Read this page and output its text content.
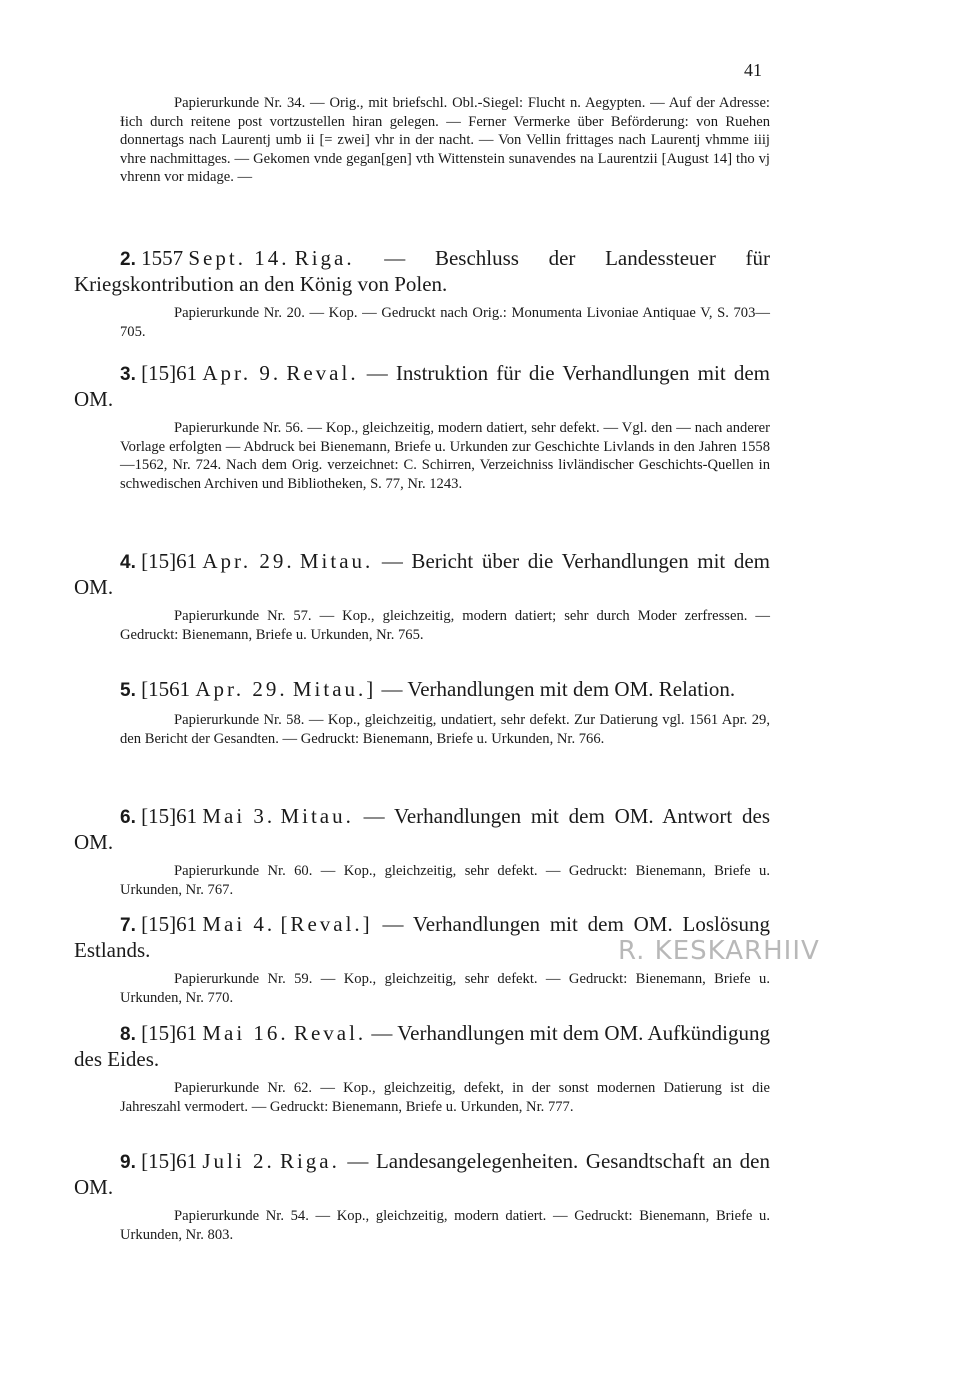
41

Papierurkunde Nr. 34. — Orig., mit briefschl. Obl.-Siegel: Flucht n. Aegypten. — Auf der Adresse: Ɨich durch reitene post vortzustellen hiran gelegen. — Ferner Vermerke über Beförderung: von Ruehen donnertags nach Laurentj umb ii [= zwei] vhr in der nacht. — Von Vellin frittages nach Laurentj vhmme iiij vhre nachmittages. — Gekomen vnde gegan[gen] vth Wittenstein sunavendes na Laurentzii [August 14] tho vj vhrenn vor midage. —

2. 1557 Sept. 14. Riga. — Beschluss der Landessteuer für Kriegskontribution an den König von Polen.

Papierurkunde Nr. 20. — Kop. — Gedruckt nach Orig.: Monumenta Livoniae Antiquae V, S. 703—705.

3. [15]61 Apr. 9. Reval. — Instruktion für die Verhandlungen mit dem OM.

Papierurkunde Nr. 56. — Kop., gleichzeitig, modern datiert, sehr defekt. — Vgl. den — nach anderer Vorlage erfolgten — Abdruck bei Bienemann, Briefe u. Urkunden zur Geschichte Livlands in den Jahren 1558—1562, Nr. 724. Nach dem Orig. verzeichnet: C. Schirren, Verzeichniss livländischer Geschichts-Quellen in schwedischen Archiven und Bibliotheken, S. 77, Nr. 1243.

4. [15]61 Apr. 29. Mitau. — Bericht über die Verhandlungen mit dem OM.

Papierurkunde Nr. 57. — Kop., gleichzeitig, modern datiert; sehr durch Moder zerfressen. — Gedruckt: Bienemann, Briefe u. Urkunden, Nr. 765.

5. [1561 Apr. 29. Mitau.] — Verhandlungen mit dem OM. Relation.

Papierurkunde Nr. 58. — Kop., gleichzeitig, undatiert, sehr defekt. Zur Datierung vgl. 1561 Apr. 29, den Bericht der Gesandten. — Gedruckt: Bienemann, Briefe u. Urkunden, Nr. 766.

6. [15]61 Mai 3. Mitau. — Verhandlungen mit dem OM. Antwort des OM.

Papierurkunde Nr. 60. — Kop., gleichzeitig, sehr defekt. — Gedruckt: Bienemann, Briefe u. Urkunden, Nr. 767.

7. [15]61 Mai 4. [Reval.] — Verhandlungen mit dem OM. Loslösung Estlands.

Papierurkunde Nr. 59. — Kop., gleichzeitig, sehr defekt. — Gedruckt: Bienemann, Briefe u. Urkunden, Nr. 770.

R. KESKARHIIV

8. [15]61 Mai 16. Reval. — Verhandlungen mit dem OM. Aufkündigung des Eides.

Papierurkunde Nr. 62. — Kop., gleichzeitig, defekt, in der sonst modernen Datierung ist die Jahreszahl vermodert. — Gedruckt: Bienemann, Briefe u. Urkunden, Nr. 777.

9. [15]61 Juli 2. Riga. — Landesangelegenheiten. Gesandtschaft an den OM.

Papierurkunde Nr. 54. — Kop., gleichzeitig, modern datiert. — Gedruckt: Bienemann, Briefe u. Urkunden, Nr. 803.
